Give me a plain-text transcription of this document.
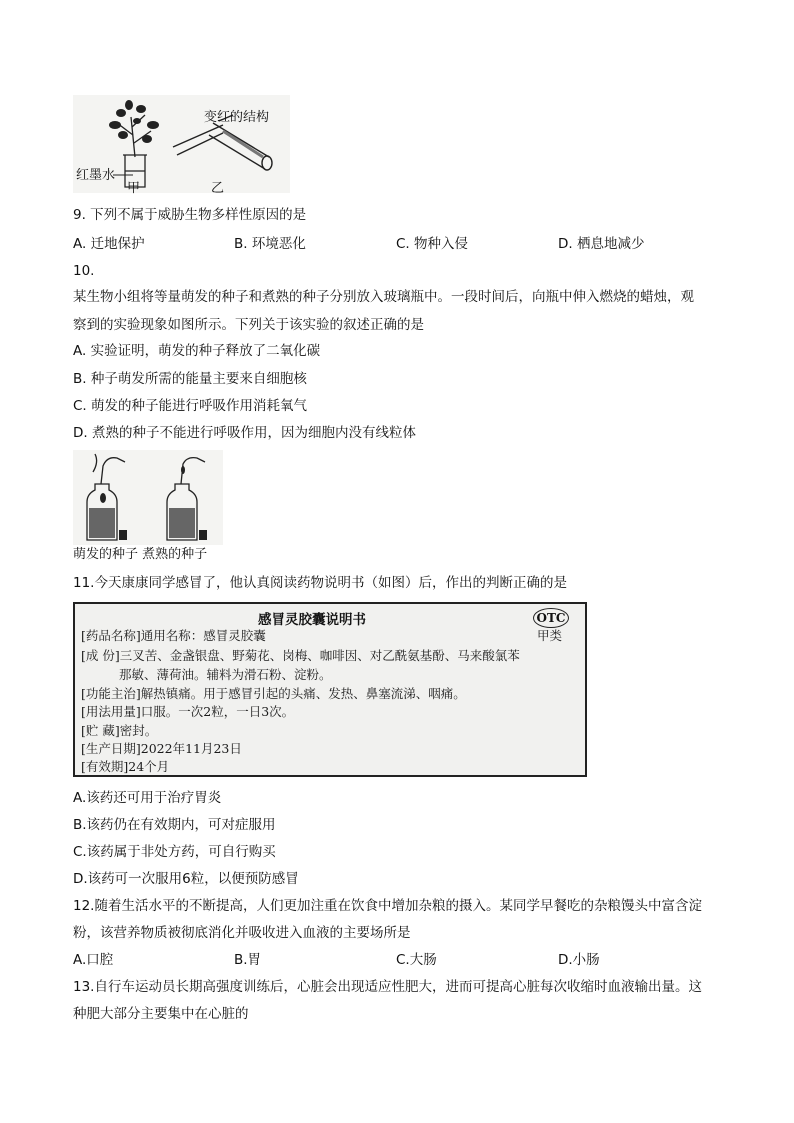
变红的结构
红墨水
甲	乙
9. 下列不属于威胁生物多样性原因的是
A. 迁地保护	B. 环境恶化	C. 物种入侵	D. 栖息地减少
10.
某生物小组将等量萌发的种子和煮熟的种子分别放入玻璃瓶中。一段时间后，向瓶中伸入燃烧的蜡烛，观
察到的实验现象如图所示。下列关于该实验的叙述正确的是
A. 实验证明，萌发的种子释放了二氧化碳
B. 种子萌发所需的能量主要来自细胞核
C. 萌发的种子能进行呼吸作用消耗氧气
D. 煮熟的种子不能进行呼吸作用，因为细胞内没有线粒体
萌发的种子 煮熟的种子
11.今天康康同学感冒了，他认真阅读药物说明书（如图）后，作出的判断正确的是
感冒灵胶囊说明书	OTC
甲类
[药品名称]通用名称：感冒灵胶囊
[成 份]三叉苦、金盏银盘、野菊花、岗梅、咖啡因、对乙酰氨基酚、马来酸氯苯
那敏、薄荷油。辅料为滑石粉、淀粉。
[功能主治]解热镇痛。用于感冒引起的头痛、发热、鼻塞流涕、咽痛。
[用法用量]口服。一次2粒，一日3次。
[贮 藏]密封。
[生产日期]2022年11月23日
[有效期]24个月
A.该药还可用于治疗胃炎
B.该药仍在有效期内，可对症服用
C.该药属于非处方药，可自行购买
D.该药可一次服用6粒，以便预防感冒
12.随着生活水平的不断提高，人们更加注重在饮食中增加杂粮的摄入。某同学早餐吃的杂粮馒头中富含淀
粉，该营养物质被彻底消化并吸收进入血液的主要场所是
A.口腔	B.胃	C.大肠	D.小肠
13.自行车运动员长期高强度训练后，心脏会出现适应性肥大，进而可提高心脏每次收缩时血液输出量。这
种肥大部分主要集中在心脏的
